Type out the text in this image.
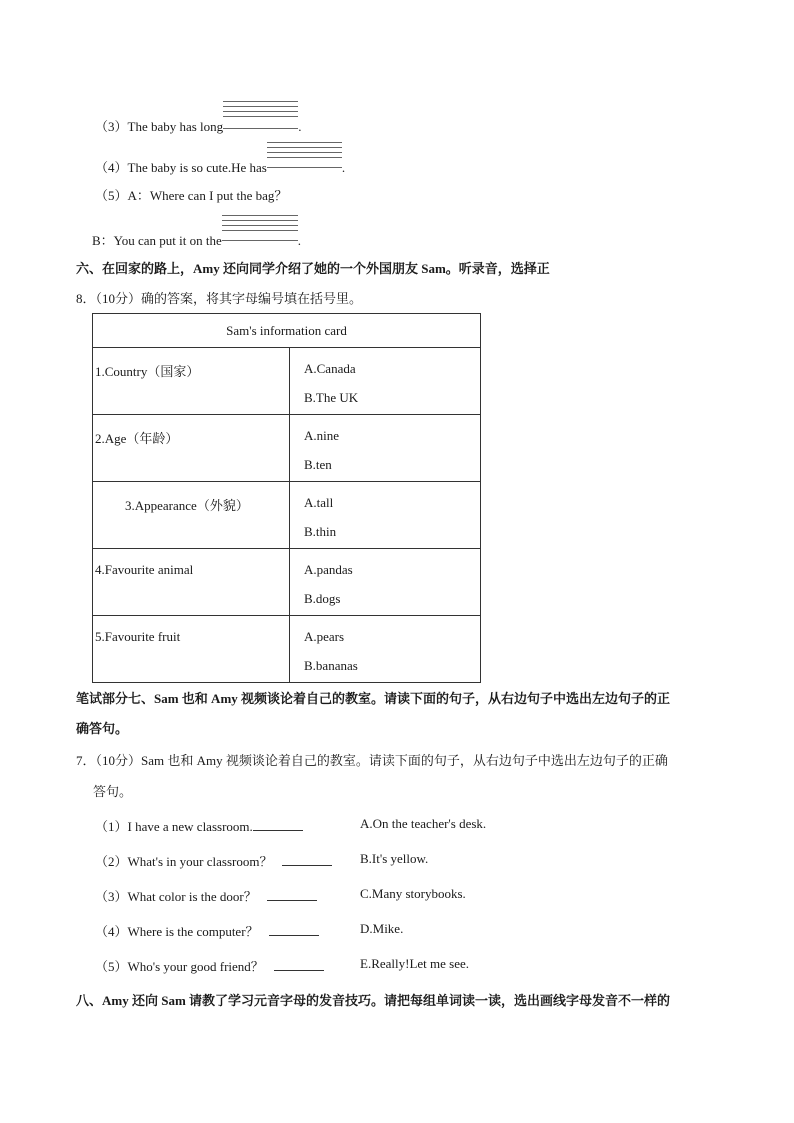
（3）The baby has long	.
（4）The baby is so cute.He has	.
（5）A：Where can I put the bag？
B：You can put it on the	.
六、在回家的路上，Amy 还向同学介绍了她的一个外国朋友 Sam。听录音，选择正
8．（10分）确的答案，将其字母编号填在括号里。
Sam's information card	

1.Country（国家）	A.Canada
B.The UK

2.Age（年龄）	A.nine
B.ten

3.Appearance（外貌）	A.tall
B.thin

4.Favourite animal	A.pandas
B.dogs

5.Favourite fruit	A.pears
B.bananas
笔试部分七、Sam 也和 Amy 视频谈论着自己的教室。请读下面的句子，从右边句子中选出左边句子的正
确答句。
7．（10分）Sam 也和 Amy 视频谈论着自己的教室。请读下面的句子，从右边句子中选出左边句子的正确
答句。
（1）I have a new classroom.	A.On the teacher's desk.
（2）What's in your classroom？	B.It's yellow.
（3）What color is the door？	C.Many storybooks.
（4）Where is the computer？	D.Mike.
（5）Who's your good friend？	E.Really!Let me see.
八、Amy 还向 Sam 请教了学习元音字母的发音技巧。请把每组单词读一读，选出画线字母发音不一样的
